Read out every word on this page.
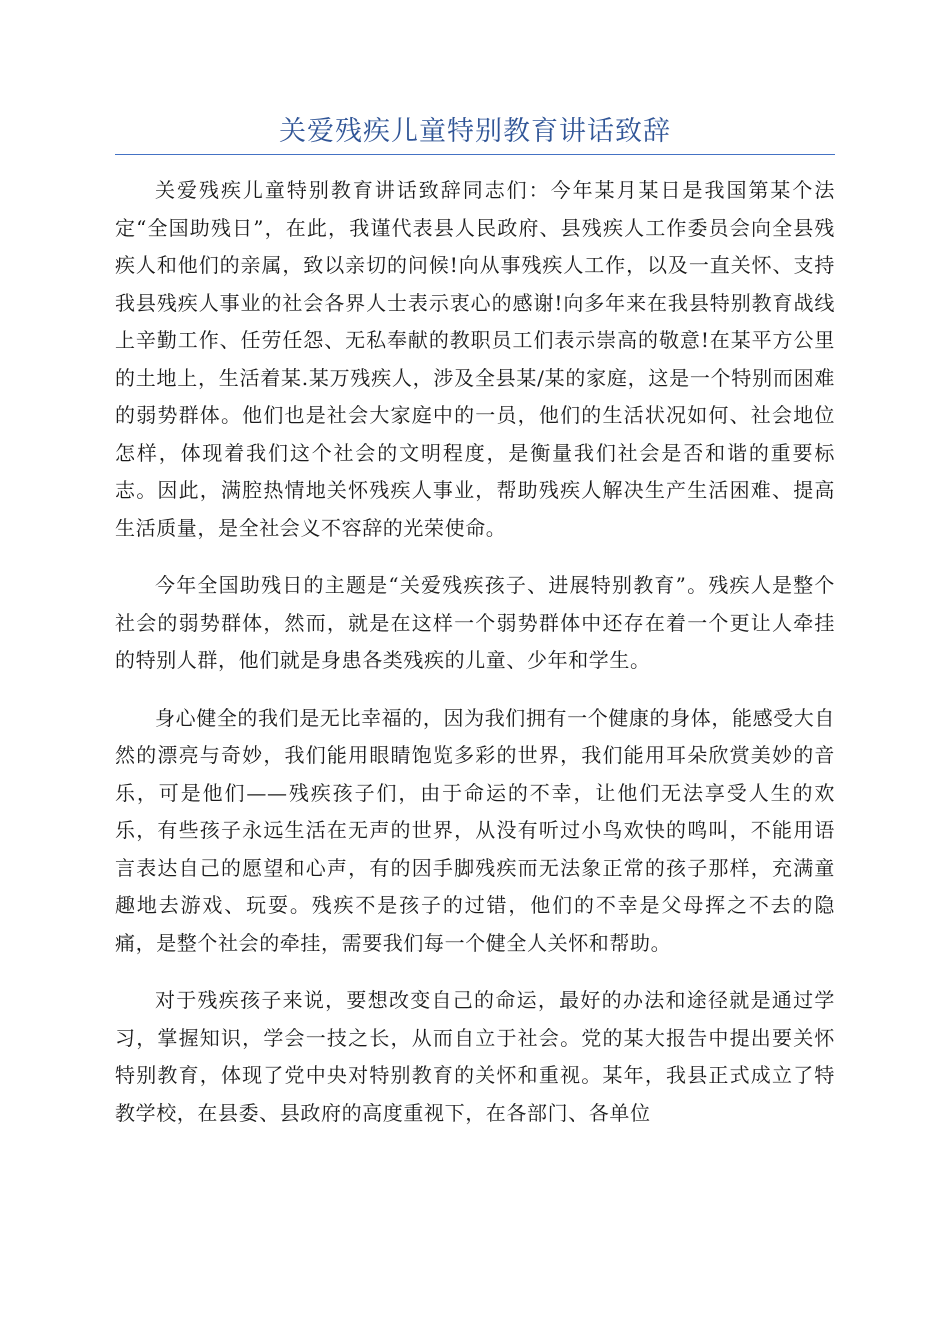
关爱残疾儿童特别教育讲话致辞

关爱残疾儿童特别教育讲话致辞同志们：今年某月某日是我国第某个法定“全国助残日”，在此，我谨代表县人民政府、县残疾人工作委员会向全县残疾人和他们的亲属，致以亲切的问候!向从事残疾人工作，以及一直关怀、支持我县残疾人事业的社会各界人士表示衷心的感谢!向多年来在我县特别教育战线上辛勤工作、任劳任怨、无私奉献的教职员工们表示崇高的敬意!在某平方公里的土地上，生活着某.某万残疾人，涉及全县某/某的家庭，这是一个特别而困难的弱势群体。他们也是社会大家庭中的一员，他们的生活状况如何、社会地位怎样，体现着我们这个社会的文明程度，是衡量我们社会是否和谐的重要标志。因此，满腔热情地关怀残疾人事业，帮助残疾人解决生产生活困难、提高生活质量，是全社会义不容辞的光荣使命。

今年全国助残日的主题是“关爱残疾孩子、进展特别教育”。残疾人是整个社会的弱势群体，然而，就是在这样一个弱势群体中还存在着一个更让人牵挂的特别人群，他们就是身患各类残疾的儿童、少年和学生。

身心健全的我们是无比幸福的，因为我们拥有一个健康的身体，能感受大自然的漂亮与奇妙，我们能用眼睛饱览多彩的世界，我们能用耳朵欣赏美妙的音乐，可是他们——残疾孩子们，由于命运的不幸，让他们无法享受人生的欢乐，有些孩子永远生活在无声的世界，从没有听过小鸟欢快的鸣叫，不能用语言表达自己的愿望和心声，有的因手脚残疾而无法象正常的孩子那样，充满童趣地去游戏、玩耍。残疾不是孩子的过错，他们的不幸是父母挥之不去的隐痛，是整个社会的牵挂，需要我们每一个健全人关怀和帮助。

对于残疾孩子来说，要想改变自己的命运，最好的办法和途径就是通过学习，掌握知识，学会一技之长，从而自立于社会。党的某大报告中提出要关怀特别教育，体现了党中央对特别教育的关怀和重视。某年，我县正式成立了特教学校，在县委、县政府的高度重视下，在各部门、各单位
